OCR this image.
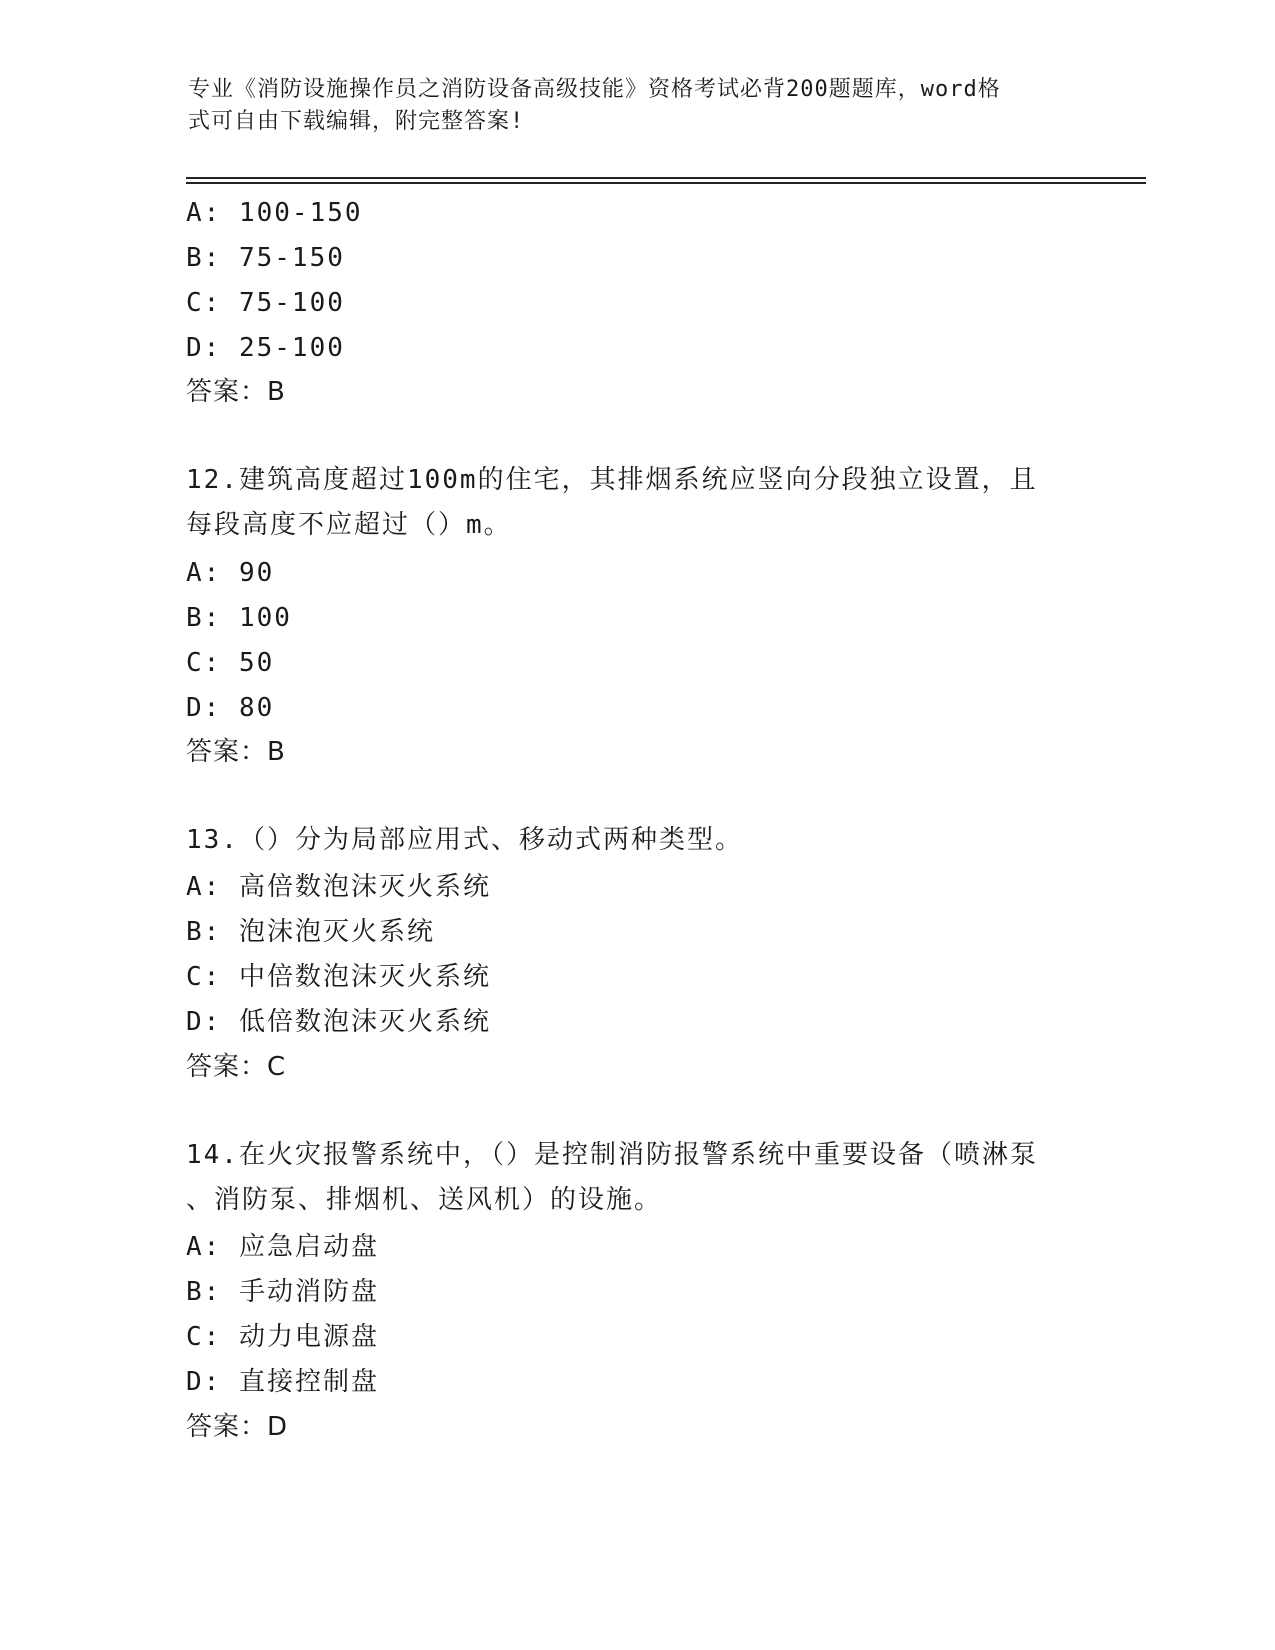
专业《消防设施操作员之消防设备高级技能》资格考试必背200题题库，word格
式可自由下载编辑，附完整答案!
A: 100-150
B: 75-150
C: 75-100
D: 25-100
答案：B
12.建筑高度超过100m的住宅，其排烟系统应竖向分段独立设置，且
每段高度不应超过（）m。
A: 90
B: 100
C: 50
D: 80
答案：B
13.（）分为局部应用式、移动式两种类型。
A: 高倍数泡沫灭火系统
B: 泡沫泡灭火系统
C: 中倍数泡沫灭火系统
D: 低倍数泡沫灭火系统
答案：C
14.在火灾报警系统中，（）是控制消防报警系统中重要设备（喷淋泵
、消防泵、排烟机、送风机）的设施。
A: 应急启动盘
B: 手动消防盘
C: 动力电源盘
D: 直接控制盘
答案：D
